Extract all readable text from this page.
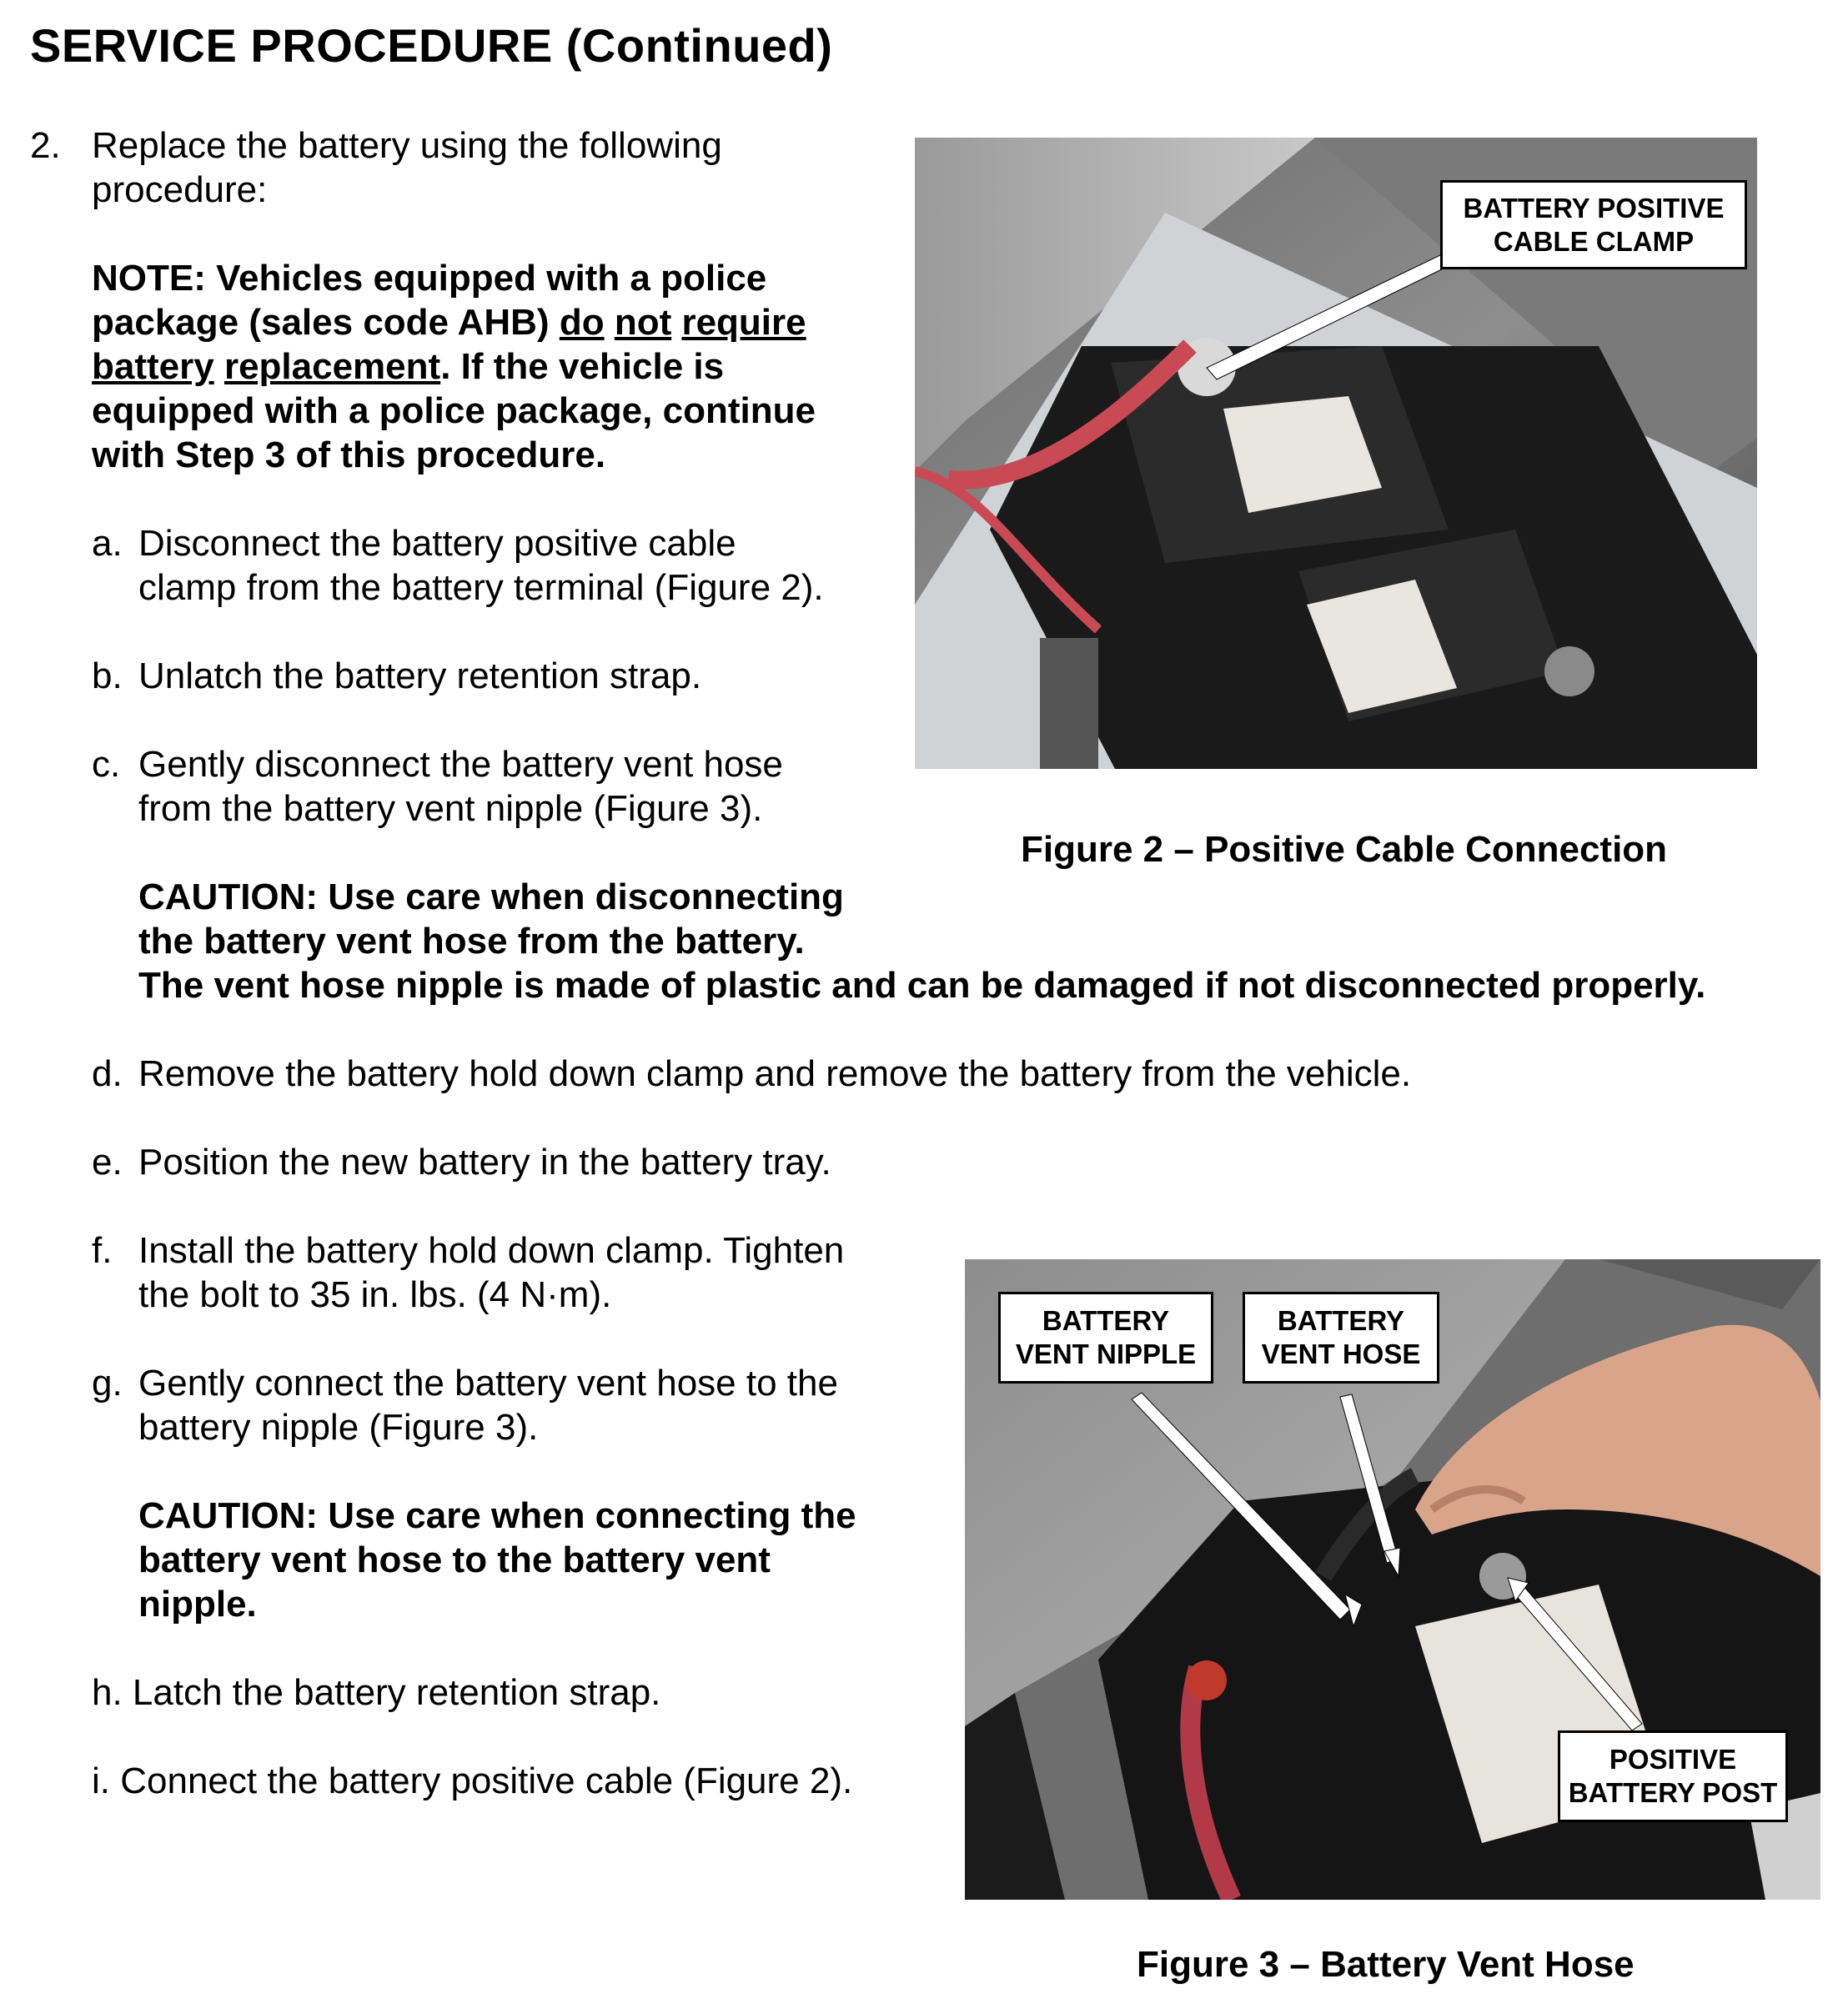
SERVICE PROCEDURE (Continued)
2. Replace the battery using the following
procedure:
NOTE: Vehicles equipped with a police
package (sales code AHB) do not require
battery replacement. If the vehicle is
equipped with a police package, continue
with Step 3 of this procedure.
a. Disconnect the battery positive cable
clamp from the battery terminal (Figure 2).
b. Unlatch the battery retention strap.
c. Gently disconnect the battery vent hose
from the battery vent nipple (Figure 3).
CAUTION: Use care when disconnecting
the battery vent hose from the battery.
The vent hose nipple is made of plastic and can be damaged if not disconnected properly.
d. Remove the battery hold down clamp and remove the battery from the vehicle.
e. Position the new battery in the battery tray.
f. Install the battery hold down clamp. Tighten
the bolt to 35 in. lbs. (4 N·m).
g. Gently connect the battery vent hose to the
battery nipple (Figure 3).
CAUTION: Use care when connecting the
battery vent hose to the battery vent
nipple.
h. Latch the battery retention strap.
i. Connect the battery positive cable (Figure 2).
BATTERY POSITIVE
CABLE CLAMP
Figure 2 – Positive Cable Connection
BATTERY
VENT NIPPLE
BATTERY
VENT HOSE
POSITIVE
BATTERY POST
Figure 3 – Battery Vent Hose
